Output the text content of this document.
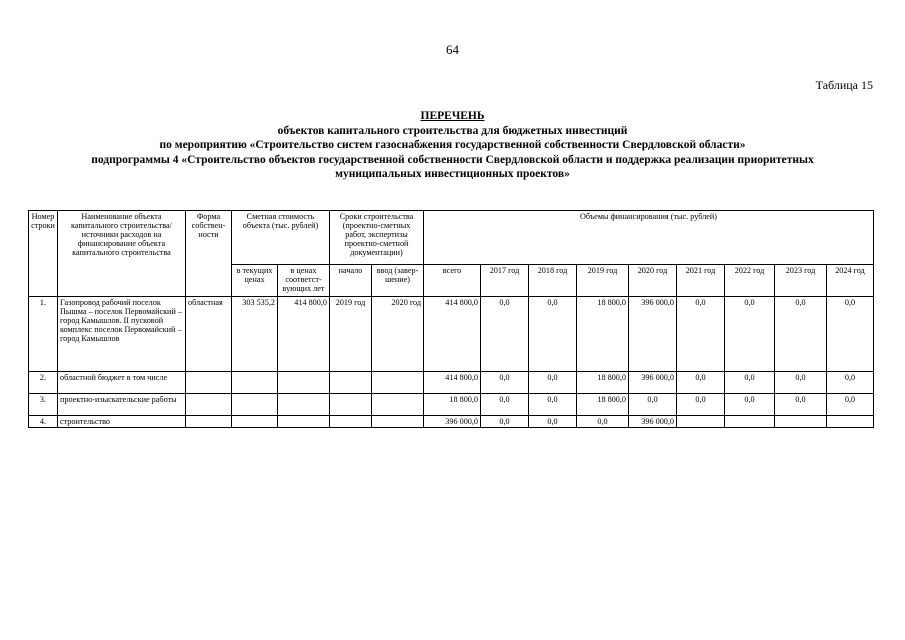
64
Таблица 15
ПЕРЕЧЕНЬ
объектов капитального строительства для бюджетных инвестиций
по мероприятию «Строительство систем газоснабжения государственной собственности Свердловской области»
подпрограммы 4 «Строительство объектов государственной собственности Свердловской области и поддержка реализации приоритетных
муниципальных инвестиционных проектов»
Номер строки	Наименование объекта капитального строительства/ источники расходов на финансирование объекта капитального строительства	Форма собствен-ности	Сметная стоимость объекта (тыс. рублей)		Сроки строительства (проектно-сметных работ, экспертизы проектно-сметной документации)		Объемы финансирования (тыс. рублей)								
			в текущих ценах	в ценах соответст-вующих лет	начало	ввод (завер-шение)	всего	2017 год	2018 год	2019 год	2020 год	2021 год	2022 год	2023 год	2024 год
1.	Газопровод рабочий поселок Пышма – поселок Первомайский – город Камышлов. II пусковой комплекс поселок Первомайский – город Камышлов	областная	303 535,2	414 800,0	2019 год	2020 год	414 800,0	0,0	0,0	18 800,0	396 000,0	0,0	0,0	0,0	0,0
2.	областной бюджет в том числе						414 800,0	0,0	0,0	18 800,0	396 000,0	0,0	0,0	0,0	0,0
3.	проектно-изыскательские работы						18 800,0	0,0	0,0	18 800,0	0,0	0,0	0,0	0,0	0,0
4.	строительство						396 000,0	0,0	0,0	0,0	396 000,0				
